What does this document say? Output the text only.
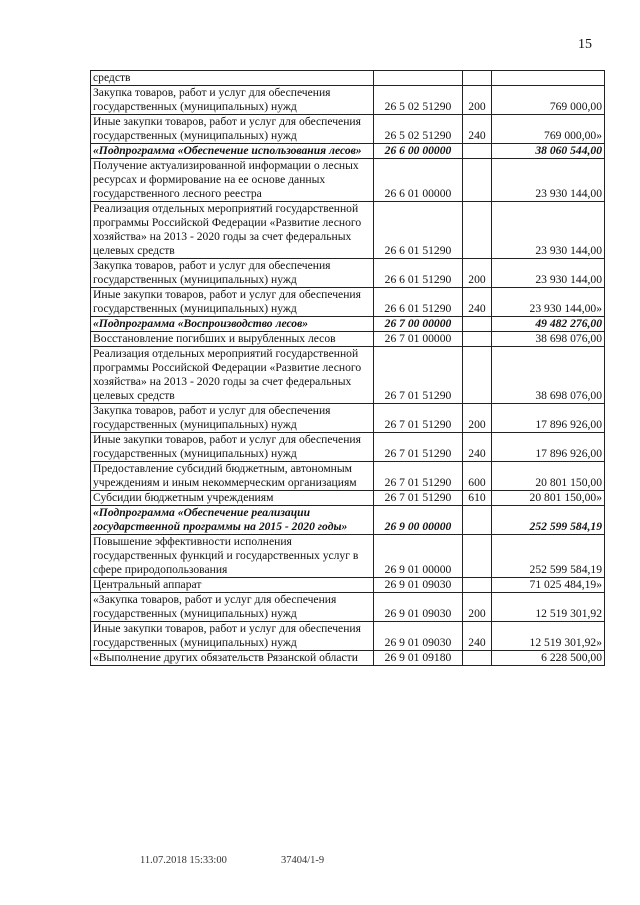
15
средств			
Закупка товаров, работ и услуг для обеспечения государственных (муниципальных) нужд	26 5 02 51290	200	769 000,00
Иные закупки товаров, работ и услуг для обеспечения государственных (муниципальных) нужд	26 5 02 51290	240	769 000,00»
«Подпрограмма «Обеспечение использования лесов»	26 6 00 00000		38 060 544,00
Получение актуализированной информации о лесных ресурсах и формирование на ее основе данных государственного лесного реестра	26 6 01 00000		23 930 144,00
Реализация отдельных мероприятий государственной программы Российской Федерации «Развитие лесного хозяйства» на 2013 - 2020 годы за счет федеральных целевых средств	26 6 01 51290		23 930 144,00
Закупка товаров, работ и услуг для обеспечения государственных (муниципальных) нужд	26 6 01 51290	200	23 930 144,00
Иные закупки товаров, работ и услуг для обеспечения государственных (муниципальных) нужд	26 6 01 51290	240	23 930 144,00»
«Подпрограмма «Воспроизводство лесов»	26 7 00 00000		49 482 276,00
Восстановление погибших и вырубленных лесов	26 7 01 00000		38 698 076,00
Реализация отдельных мероприятий государственной программы Российской Федерации «Развитие лесного хозяйства» на 2013 - 2020 годы за счет федеральных целевых средств	26 7 01 51290		38 698 076,00
Закупка товаров, работ и услуг для обеспечения государственных (муниципальных) нужд	26 7 01 51290	200	17 896 926,00
Иные закупки товаров, работ и услуг для обеспечения государственных (муниципальных) нужд	26 7 01 51290	240	17 896 926,00
Предоставление субсидий бюджетным, автономным учреждениям и иным некоммерческим организациям	26 7 01 51290	600	20 801 150,00
Субсидии бюджетным учреждениям	26 7 01 51290	610	20 801 150,00»
«Подпрограмма «Обеспечение реализации государственной программы на 2015 - 2020 годы»	26 9 00 00000		252 599 584,19
Повышение эффективности исполнения государственных функций и государственных услуг в сфере природопользования	26 9 01 00000		252 599 584,19
Центральный аппарат	26 9 01 09030		71 025 484,19»
«Закупка товаров, работ и услуг для обеспечения государственных (муниципальных) нужд	26 9 01 09030	200	12 519 301,92
Иные закупки товаров, работ и услуг для обеспечения государственных (муниципальных) нужд	26 9 01 09030	240	12 519 301,92»
«Выполнение других обязательств Рязанской области	26 9 01 09180		6 228 500,00
11.07.2018 15:33:00	37404/1-9
